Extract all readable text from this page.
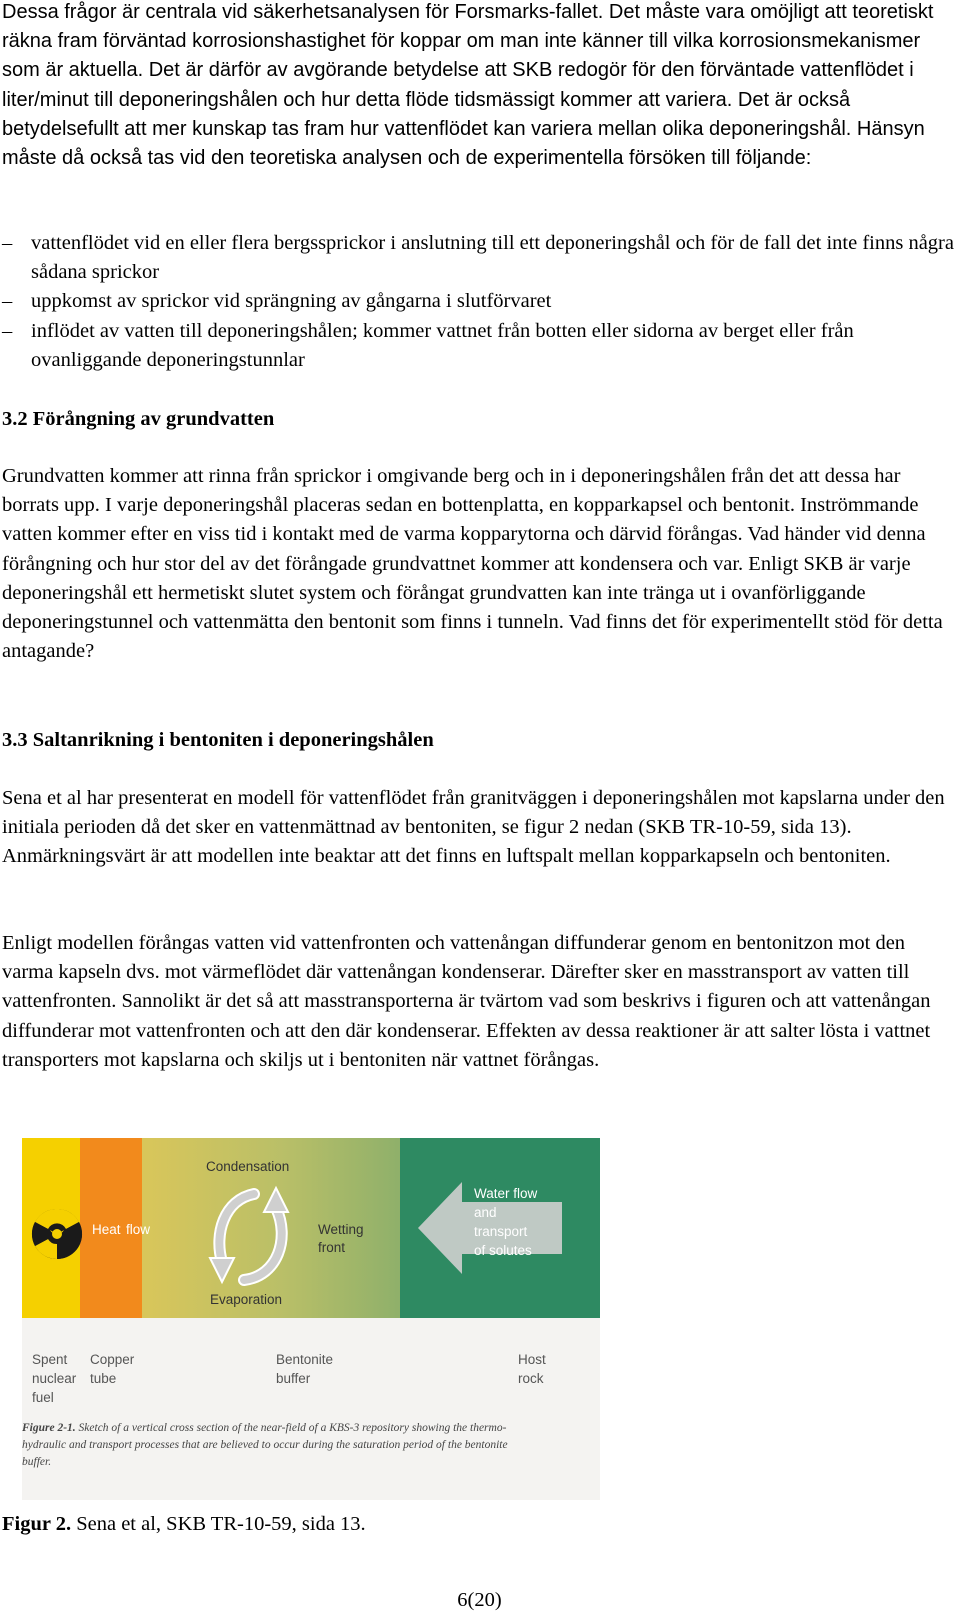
Dessa frågor är centrala vid säkerhetsanalysen för Forsmarks-fallet. Det måste vara omöjligt att teoretiskt räkna fram förväntad korrosionshastighet för koppar om man inte känner till vilka korrosionsmekanismer som är aktuella. Det är därför av avgörande betydelse att SKB redogör för den förväntade vattenflödet i liter/minut till deponeringshålen och hur detta flöde tidsmässigt kommer att variera. Det är också betydelsefullt att mer kunskap tas fram hur vattenflödet kan variera mellan olika deponeringshål. Hänsyn måste då också tas vid den teoretiska analysen och de experimentella försöken till följande:

– vattenflödet vid en eller flera bergssprickor i anslutning till ett deponeringshål och för de fall det inte finns några sådana sprickor
– uppkomst av sprickor vid sprängning av gångarna i slutförvaret
– inflödet av vatten till deponeringshålen; kommer vattnet från botten eller sidorna av berget eller från ovanliggande deponeringstunnlar
3.2 Förångning av grundvatten

Grundvatten kommer att rinna från sprickor i omgivande berg och in i deponeringshålen från det att dessa har borrats upp. I varje deponeringshål placeras sedan en bottenplatta, en kopparkapsel och bentonit. Inströmmande vatten kommer efter en viss tid i kontakt med de varma kopparytorna och därvid förångas. Vad händer vid denna förångning och hur stor del av det förångade grundvattnet kommer att kondensera och var. Enligt SKB är varje deponeringshål ett hermetiskt slutet system och förångat grundvatten kan inte tränga ut i ovanförliggande deponeringstunnel och vattenmätta den bentonit som finns i tunneln. Vad finns det för experimentellt stöd för detta antagande?

3.3 Saltanrikning i bentoniten i deponeringshålen

Sena et al har presenterat en modell för vattenflödet från granitväggen i deponeringshålen mot kapslarna under den initiala perioden då det sker en vattenmättnad av bentoniten, se figur 2 nedan (SKB TR-10-59, sida 13). Anmärkningsvärt är att modellen inte beaktar att det finns en luftspalt mellan kopparkapseln och bentoniten.

Enligt modellen förångas vatten vid vattenfronten och vattenångan diffunderar genom en bentonitzon mot den varma kapseln dvs. mot värmeflödet där vattenångan kondenserar. Därefter sker en masstransport av vatten till vattenfronten. Sannolikt är det så att masstransporterna är tvärtom vad som beskrivs i figuren och att vattenångan diffunderar mot vattenfronten och att den där kondenserar. Effekten av dessa reaktioner är att salter lösta i vattnet transporters mot kapslarna och skiljs ut i bentoniten när vattnet förångas.

Condensation
Heat flow	Wetting
front
Evaporation
Water flow
and
transport
of solutes
Spent
nuclear
fuel
Copper
tube
Bentonite
buffer
Host
rock
Figure 2-1. Sketch of a vertical cross section of the near-field of a KBS-3 repository showing the thermo-
hydraulic and transport processes that are believed to occur during the saturation period of the bentonite
buffer.

Figur 2. Sena et al, SKB TR-10-59, sida 13.

6(20)
